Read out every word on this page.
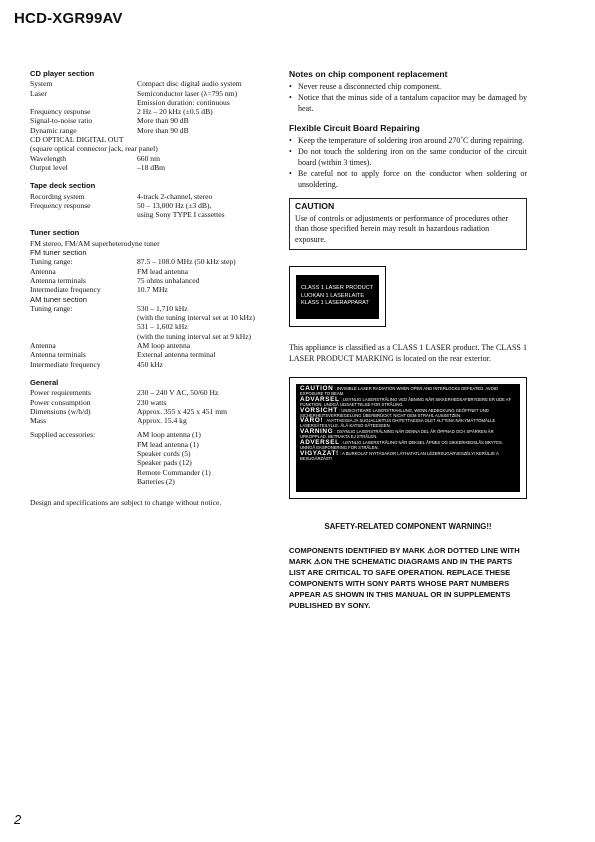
HCD-XGR99AV
CD player section
System	Compact disc digital audio system
Laser	Semiconductor laser (λ=795 nm)
Emission duration: continuous
Frequency response	2 Hz – 20 kHz (±0.5 dB)
Signal-to-noise ratio	More than 90 dB
Dynamic range	More than 90 dB
CD OPTICAL DIGITAL OUT
(square optical connector jack, rear panel)
Wavelength	660 nm
Output level	–18 dBm
Tape deck section
Recording system	4-track 2-channel, stereo
Frequency response	50 – 13,000 Hz (±3 dB),
using Sony TYPE I cassettes
Tuner section
FM stereo, FM/AM superheterodyne tuner
FM tuner section
Tuning range:	87.5 – 108.0 MHz (50 kHz step)
Antenna	FM lead antenna
Antenna terminals	75 ohms unbalanced
Intermediate frequency	10.7 MHz
AM tuner section
Tuning range:	530 – 1,710 kHz
(with the tuning interval set at 10 kHz)
531 – 1,602 kHz
(with the tuning interval set at 9 kHz)
Antenna	AM loop antenna
Antenna terminals	External antenna terminal
Intermediate frequency	450 kHz
General
Power requirements	230 – 240 V AC, 50/60 Hz
Power consumption	230 watts
Dimensions (w/h/d)	Approx. 355 x 425 x 451 mm
Mass	Approx. 15.4 kg
Supplied accessories:	AM loop antenna (1)
FM lead antenna (1)
Speaker cords (5)
Speaker pads (12)
Remote Commander (1)
Batteries (2)
Design and specifications are subject to change without notice.
Notes on chip component replacement
• Never reuse a disconnected chip component.
• Notice that the minus side of a tantalum capacitor may be damaged by heat.
Flexible Circuit Board Repairing
• Keep the temperature of soldering iron around 270˚C during repairing.
• Do not touch the soldering iron on the same conductor of the circuit board (within 3 times).
• Be careful not to apply force on the conductor when soldering or unsoldering.
CAUTION
Use of controls or adjustments or performance of procedures other than those specified herein may result in hazardous radiation exposure.
CLASS 1 LASER PRODUCT
LUOKAN 1 LASERLAITE
KLASS 1 LASERAPPARAT
This appliance is classified as a CLASS 1 LASER product. The CLASS 1 LASER PRODUCT MARKING is located on the rear exterior.
CAUTION : INVISIBLE LASER RADIATION WHEN OPEN AND INTERLOCKS DEFEATED. AVOID EXPOSURE TO BEAM.
ADVARSEL : USYNLIG LASERSTRÅLING VED ÅBNING NÅR SIKKERHEDSAFBRYDERE ER UDE AF FUNKTION. UNDGÅ UDSAETTELSE FOR STRÅLING.
VORSICHT : UNSICHTBARE LASERSTRAHLUNG, WENN ABDECKUNG GEÖFFNET UND SICHERHEITSVERRIEGELUNG ÜBERBRÜCKT. NICHT DEM STRAHL AUSSETZEN.
VARO! : AVATTAESSA JA SUOJALUKITUS OHITETTAESSA OLET ALTTIINA NÄKYMÄTTÖMÄLLE LASERSÄTEILYLLE. ÄLÄ KATSO SÄTEESEEN.
VARNING : OSYNLIG LASERSTRÅLNING NÄR DENNA DEL ÄR ÖPPNAD OCH SPÄRREN ÄR URKOPPLAD. BETRAKTA EJ STRÅLEN.
ADVERSEL : USYNLIG LASERSTRÅLING NÅR DEKSEL ÅPNES OG SIKKERHEDSLÅS BRYTES. UNNGÅ EKSPONERING FOR STRÅLEN.
VIGYAZAT! : A BURKOLAT NYITÁSAKOR LÁTHATATLAN LÉZERSUGÁRVESZÉLY! KERÜLJE A BESUGÁRZÁST!
SAFETY-RELATED COMPONENT WARNING!!
COMPONENTS IDENTIFIED BY MARK ⚠OR DOTTED LINE WITH MARK ⚠ON THE SCHEMATIC DIAGRAMS AND IN THE PARTS LIST ARE CRITICAL TO SAFE OPERATION. REPLACE THESE COMPONENTS WITH SONY PARTS WHOSE PART NUMBERS APPEAR AS SHOWN IN THIS MANUAL OR IN SUPPLEMENTS PUBLISHED BY SONY.
2
